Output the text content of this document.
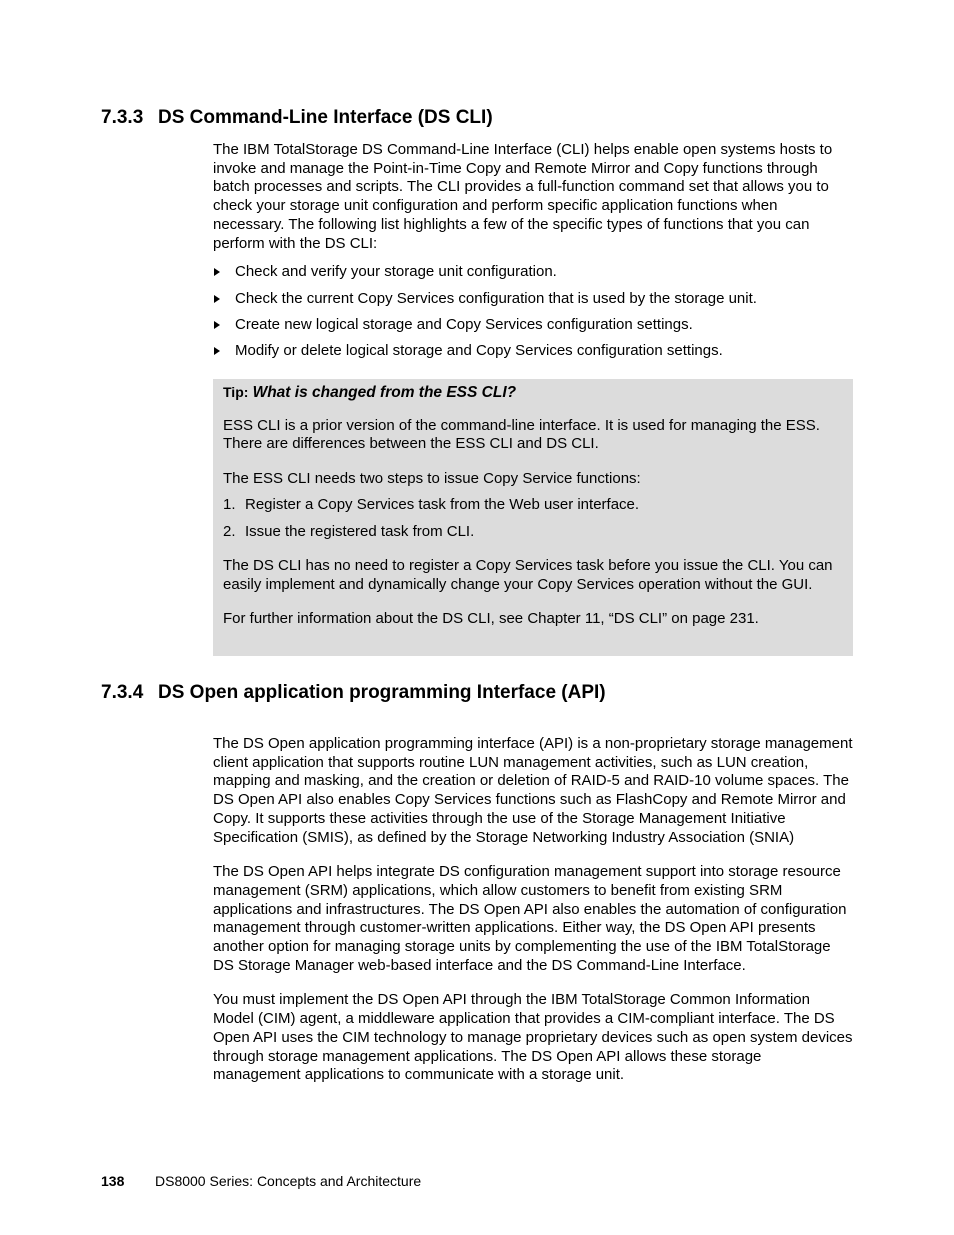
7.3.3 DS Command-Line Interface (DS CLI)

The IBM TotalStorage DS Command-Line Interface (CLI) helps enable open systems hosts to invoke and manage the Point-in-Time Copy and Remote Mirror and Copy functions through batch processes and scripts. The CLI provides a full-function command set that allows you to check your storage unit configuration and perform specific application functions when necessary. The following list highlights a few of the specific types of functions that you can perform with the DS CLI:

Check and verify your storage unit configuration.
Check the current Copy Services configuration that is used by the storage unit.
Create new logical storage and Copy Services configuration settings.
Modify or delete logical storage and Copy Services configuration settings.

Tip: What is changed from the ESS CLI?

ESS CLI is a prior version of the command-line interface. It is used for managing the ESS. There are differences between the ESS CLI and DS CLI.

The ESS CLI needs two steps to issue Copy Service functions:

1. Register a Copy Services task from the Web user interface.
2. Issue the registered task from CLI.

The DS CLI has no need to register a Copy Services task before you issue the CLI. You can easily implement and dynamically change your Copy Services operation without the GUI.

For further information about the DS CLI, see Chapter 11, “DS CLI” on page 231.

7.3.4 DS Open application programming Interface (API)

The DS Open application programming interface (API) is a non-proprietary storage management client application that supports routine LUN management activities, such as LUN creation, mapping and masking, and the creation or deletion of RAID-5 and RAID-10 volume spaces. The DS Open API also enables Copy Services functions such as FlashCopy and Remote Mirror and Copy. It supports these activities through the use of the Storage Management Initiative Specification (SMIS), as defined by the Storage Networking Industry Association (SNIA)

The DS Open API helps integrate DS configuration management support into storage resource management (SRM) applications, which allow customers to benefit from existing SRM applications and infrastructures. The DS Open API also enables the automation of configuration management through customer-written applications. Either way, the DS Open API presents another option for managing storage units by complementing the use of the IBM TotalStorage DS Storage Manager web-based interface and the DS Command-Line Interface.

You must implement the DS Open API through the IBM TotalStorage Common Information Model (CIM) agent, a middleware application that provides a CIM-compliant interface. The DS Open API uses the CIM technology to manage proprietary devices such as open system devices through storage management applications. The DS Open API allows these storage management applications to communicate with a storage unit.

138 DS8000 Series: Concepts and Architecture
